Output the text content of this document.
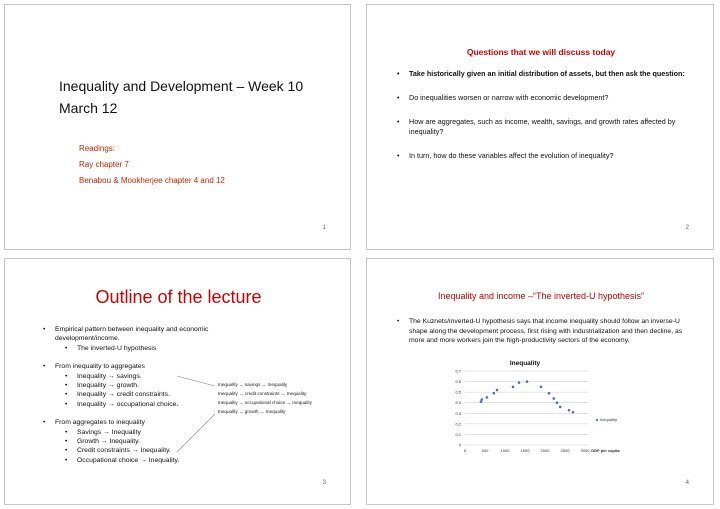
Inequality and Development – Week 10
March 12
Readings:
Ray chapter 7
Benabou & Mookherjee chapter 4 and 12
1
Questions that we will discuss today
• Take historically given an initial distribution of assets, but then ask the question:
• Do inequalities worsen or narrow with economic development?
• How are aggregates, such as income, wealth, savings, and growth rates affected by inequality?
• In turn, how do these variables affect the evolution of inequality?
2
Outline of the lecture
• Empirical pattern between inequality and economic development/income.
• The inverted-U hypothesis
• From inequality to aggregates
• Inequality → savings.
• Inequality → growth.
• Inequality → credit constraints.
• Inequality → occupational choice.
• From aggregates to inequality
• Savings → Inequality
• Growth → Inequality.
• Credit constraints → Inequality.
• Occupational choice → Inequality.
Inequality → savings → Inequality
Inequality → credit constraints → Inequality
Inequality → occupational choice → Inequality
Inequality → growth → Inequality
3
Inequality and income –“The inverted-U hypothesis”
• The Kuznets/inverted-U hypothesis says that income inequality should follow an inverse-U shape along the development process, first rising with industrialization and then decline, as more and more workers join the high-productivity sectors of the economy.
Inequality
0
0.1
0.2
0.3
0.4
0.5
0.6
0.7
0	500	1000	1500	2000	2500	3000 GDP per capita
Inequality
4
